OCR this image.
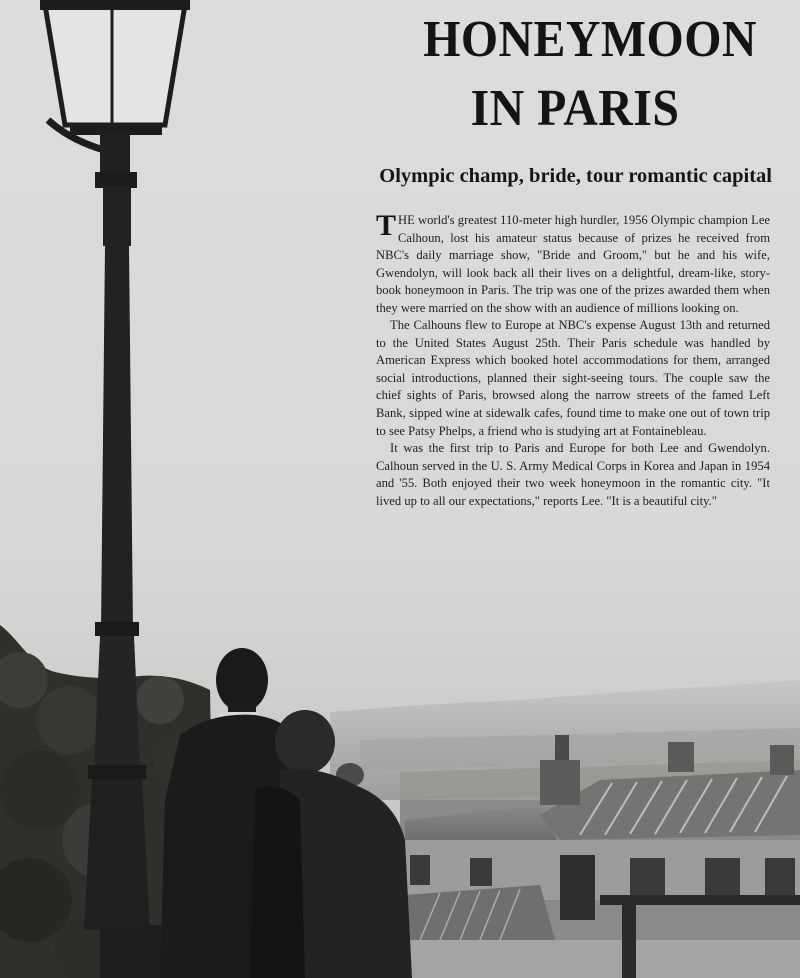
HONEYMOON
IN PARIS
Olympic champ, bride, tour romantic capital

THE world's greatest 110-meter high hurdler, 1956 Olympic champion Lee Calhoun, lost his amateur status because of prizes he received from NBC's daily marriage show, "Bride and Groom," but he and his wife, Gwendolyn, will look back all their lives on a delightful, dream-like, story-book honeymoon in Paris. The trip was one of the prizes awarded them when they were married on the show with an audience of millions looking on.

The Calhouns flew to Europe at NBC's expense August 13th and returned to the United States August 25th. Their Paris schedule was handled by American Express which booked hotel accommodations for them, arranged social introductions, planned their sight-seeing tours. The couple saw the chief sights of Paris, browsed along the narrow streets of the famed Left Bank, sipped wine at sidewalk cafes, found time to make one out of town trip to see Patsy Phelps, a friend who is studying art at Fontainebleau.

It was the first trip to Paris and Europe for both Lee and Gwendolyn. Calhoun served in the U. S. Army Medical Corps in Korea and Japan in 1954 and '55. Both enjoyed their two week honeymoon in the romantic city. "It lived up to all our expectations," reports Lee. "It is a beautiful city."
